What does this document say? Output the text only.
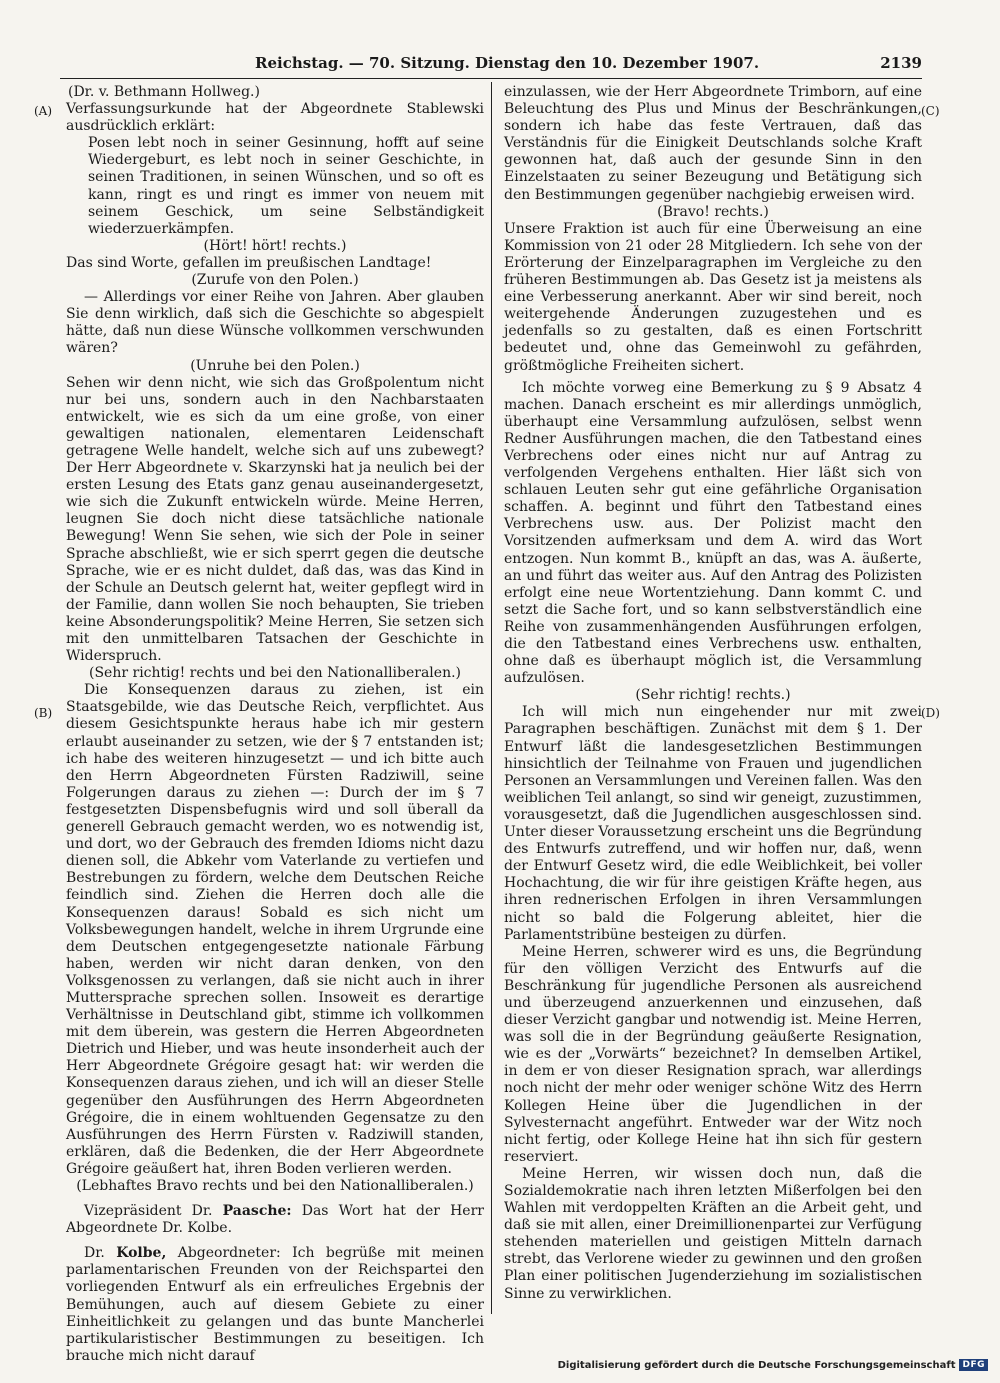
Reichstag. — 70. Sitzung. Dienstag den 10. Dezember 1907.	2139
(A)
(B)
(C)
(D)

(Dr. v. Bethmann Hollweg.)

Verfassungsurkunde hat der Abgeordnete Stablewski ausdrücklich erklärt:

Posen lebt noch in seiner Gesinnung, hofft auf seine Wiedergeburt, es lebt noch in seiner Geschichte, in seinen Traditionen, in seinen Wünschen, und so oft es kann, ringt es und ringt es immer von neuem mit seinem Geschick, um seine Selbständigkeit wiederzuerkämpfen.

(Hört! hört! rechts.)

Das sind Worte, gefallen im preußischen Landtage!

(Zurufe von den Polen.)

— Allerdings vor einer Reihe von Jahren. Aber glauben Sie denn wirklich, daß sich die Geschichte so abgespielt hätte, daß nun diese Wünsche vollkommen verschwunden wären?

(Unruhe bei den Polen.)

Sehen wir denn nicht, wie sich das Großpolentum nicht nur bei uns, sondern auch in den Nachbarstaaten entwickelt, wie es sich da um eine große, von einer gewaltigen nationalen, elementaren Leidenschaft getragene Welle handelt, welche sich auf uns zubewegt? Der Herr Abgeordnete v. Skarzynski hat ja neulich bei der ersten Lesung des Etats ganz genau auseinandergesetzt, wie sich die Zukunft entwickeln würde. Meine Herren, leugnen Sie doch nicht diese tatsächliche nationale Bewegung! Wenn Sie sehen, wie sich der Pole in seiner Sprache abschließt, wie er sich sperrt gegen die deutsche Sprache, wie er es nicht duldet, daß das, was das Kind in der Schule an Deutsch gelernt hat, weiter gepflegt wird in der Familie, dann wollen Sie noch behaupten, Sie trieben keine Absonderungspolitik? Meine Herren, Sie setzen sich mit den unmittelbaren Tatsachen der Geschichte in Widerspruch.

(Sehr richtig! rechts und bei den Nationalliberalen.)

Die Konsequenzen daraus zu ziehen, ist ein Staatsgebilde, wie das Deutsche Reich, verpflichtet. Aus diesem Gesichtspunkte heraus habe ich mir gestern erlaubt auseinander zu setzen, wie der § 7 entstanden ist; ich habe des weiteren hinzugesetzt — und ich bitte auch den Herrn Abgeordneten Fürsten Radziwill, seine Folgerungen daraus zu ziehen —: Durch der im § 7 festgesetzten Dispensbefugnis wird und soll überall da generell Gebrauch gemacht werden, wo es notwendig ist, und dort, wo der Gebrauch des fremden Idioms nicht dazu dienen soll, die Abkehr vom Vaterlande zu vertiefen und Bestrebungen zu fördern, welche dem Deutschen Reiche feindlich sind. Ziehen die Herren doch alle die Konsequenzen daraus! Sobald es sich nicht um Volksbewegungen handelt, welche in ihrem Urgrunde eine dem Deutschen entgegengesetzte nationale Färbung haben, werden wir nicht daran denken, von den Volksgenossen zu verlangen, daß sie nicht auch in ihrer Muttersprache sprechen sollen. Insoweit es derartige Verhältnisse in Deutschland gibt, stimme ich vollkommen mit dem überein, was gestern die Herren Abgeordneten Dietrich und Hieber, und was heute insonderheit auch der Herr Abgeordnete Grégoire gesagt hat: wir werden die Konsequenzen daraus ziehen, und ich will an dieser Stelle gegenüber den Ausführungen des Herrn Abgeordneten Grégoire, die in einem wohltuenden Gegensatze zu den Ausführungen des Herrn Fürsten v. Radziwill standen, erklären, daß die Bedenken, die der Herr Abgeordnete Grégoire geäußert hat, ihren Boden verlieren werden.

(Lebhaftes Bravo rechts und bei den Nationalliberalen.)

Vizepräsident Dr. Paasche: Das Wort hat der Herr Abgeordnete Dr. Kolbe.

Dr. Kolbe, Abgeordneter: Ich begrüße mit meinen parlamentarischen Freunden von der Reichspartei den vorliegenden Entwurf als ein erfreuliches Ergebnis der Bemühungen, auch auf diesem Gebiete zu einer Einheitlichkeit zu gelangen und das bunte Mancherlei partikularistischer Bestimmungen zu beseitigen. Ich brauche mich nicht darauf

einzulassen, wie der Herr Abgeordnete Trimborn, auf eine Beleuchtung des Plus und Minus der Beschränkungen, sondern ich habe das feste Vertrauen, daß das Verständnis für die Einigkeit Deutschlands solche Kraft gewonnen hat, daß auch der gesunde Sinn in den Einzelstaaten zu seiner Bezeugung und Betätigung sich den Bestimmungen gegenüber nachgiebig erweisen wird.

(Bravo! rechts.)

Unsere Fraktion ist auch für eine Überweisung an eine Kommission von 21 oder 28 Mitgliedern. Ich sehe von der Erörterung der Einzelparagraphen im Vergleiche zu den früheren Bestimmungen ab. Das Gesetz ist ja meistens als eine Verbesserung anerkannt. Aber wir sind bereit, noch weitergehende Änderungen zuzugestehen und es jedenfalls so zu gestalten, daß es einen Fortschritt bedeutet und, ohne das Gemeinwohl zu gefährden, größtmögliche Freiheiten sichert.

Ich möchte vorweg eine Bemerkung zu § 9 Absatz 4 machen. Danach erscheint es mir allerdings unmöglich, überhaupt eine Versammlung aufzulösen, selbst wenn Redner Ausführungen machen, die den Tatbestand eines Verbrechens oder eines nicht nur auf Antrag zu verfolgenden Vergehens enthalten. Hier läßt sich von schlauen Leuten sehr gut eine gefährliche Organisation schaffen. A. beginnt und führt den Tatbestand eines Verbrechens usw. aus. Der Polizist macht den Vorsitzenden aufmerksam und dem A. wird das Wort entzogen. Nun kommt B., knüpft an das, was A. äußerte, an und führt das weiter aus. Auf den Antrag des Polizisten erfolgt eine neue Wortentziehung. Dann kommt C. und setzt die Sache fort, und so kann selbstverständlich eine Reihe von zusammenhängenden Ausführungen erfolgen, die den Tatbestand eines Verbrechens usw. enthalten, ohne daß es überhaupt möglich ist, die Versammlung aufzulösen.

(Sehr richtig! rechts.)

Ich will mich nun eingehender nur mit zwei Paragraphen beschäftigen. Zunächst mit dem § 1. Der Entwurf läßt die landesgesetzlichen Bestimmungen hinsichtlich der Teilnahme von Frauen und jugendlichen Personen an Versammlungen und Vereinen fallen. Was den weiblichen Teil anlangt, so sind wir geneigt, zuzustimmen, vorausgesetzt, daß die Jugendlichen ausgeschlossen sind. Unter dieser Voraussetzung erscheint uns die Begründung des Entwurfs zutreffend, und wir hoffen nur, daß, wenn der Entwurf Gesetz wird, die edle Weiblichkeit, bei voller Hochachtung, die wir für ihre geistigen Kräfte hegen, aus ihren rednerischen Erfolgen in ihren Versammlungen nicht so bald die Folgerung ableitet, hier die Parlamentstribüne besteigen zu dürfen.

Meine Herren, schwerer wird es uns, die Begründung für den völligen Verzicht des Entwurfs auf die Beschränkung für jugendliche Personen als ausreichend und überzeugend anzuerkennen und einzusehen, daß dieser Verzicht gangbar und notwendig ist. Meine Herren, was soll die in der Begründung geäußerte Resignation, wie es der „Vorwärts“ bezeichnet? In demselben Artikel, in dem er von dieser Resignation sprach, war allerdings noch nicht der mehr oder weniger schöne Witz des Herrn Kollegen Heine über die Jugendlichen in der Sylvesternacht angeführt. Entweder war der Witz noch nicht fertig, oder Kollege Heine hat ihn sich für gestern reserviert.

Meine Herren, wir wissen doch nun, daß die Sozialdemokratie nach ihren letzten Mißerfolgen bei den Wahlen mit verdoppelten Kräften an die Arbeit geht, und daß sie mit allen, einer Dreimillionenpartei zur Verfügung stehenden materiellen und geistigen Mitteln darnach strebt, das Verlorene wieder zu gewinnen und den großen Plan einer politischen Jugenderziehung im sozialistischen Sinne zu verwirklichen.

Digitalisierung gefördert durch die Deutsche Forschungsgemeinschaft DFG
